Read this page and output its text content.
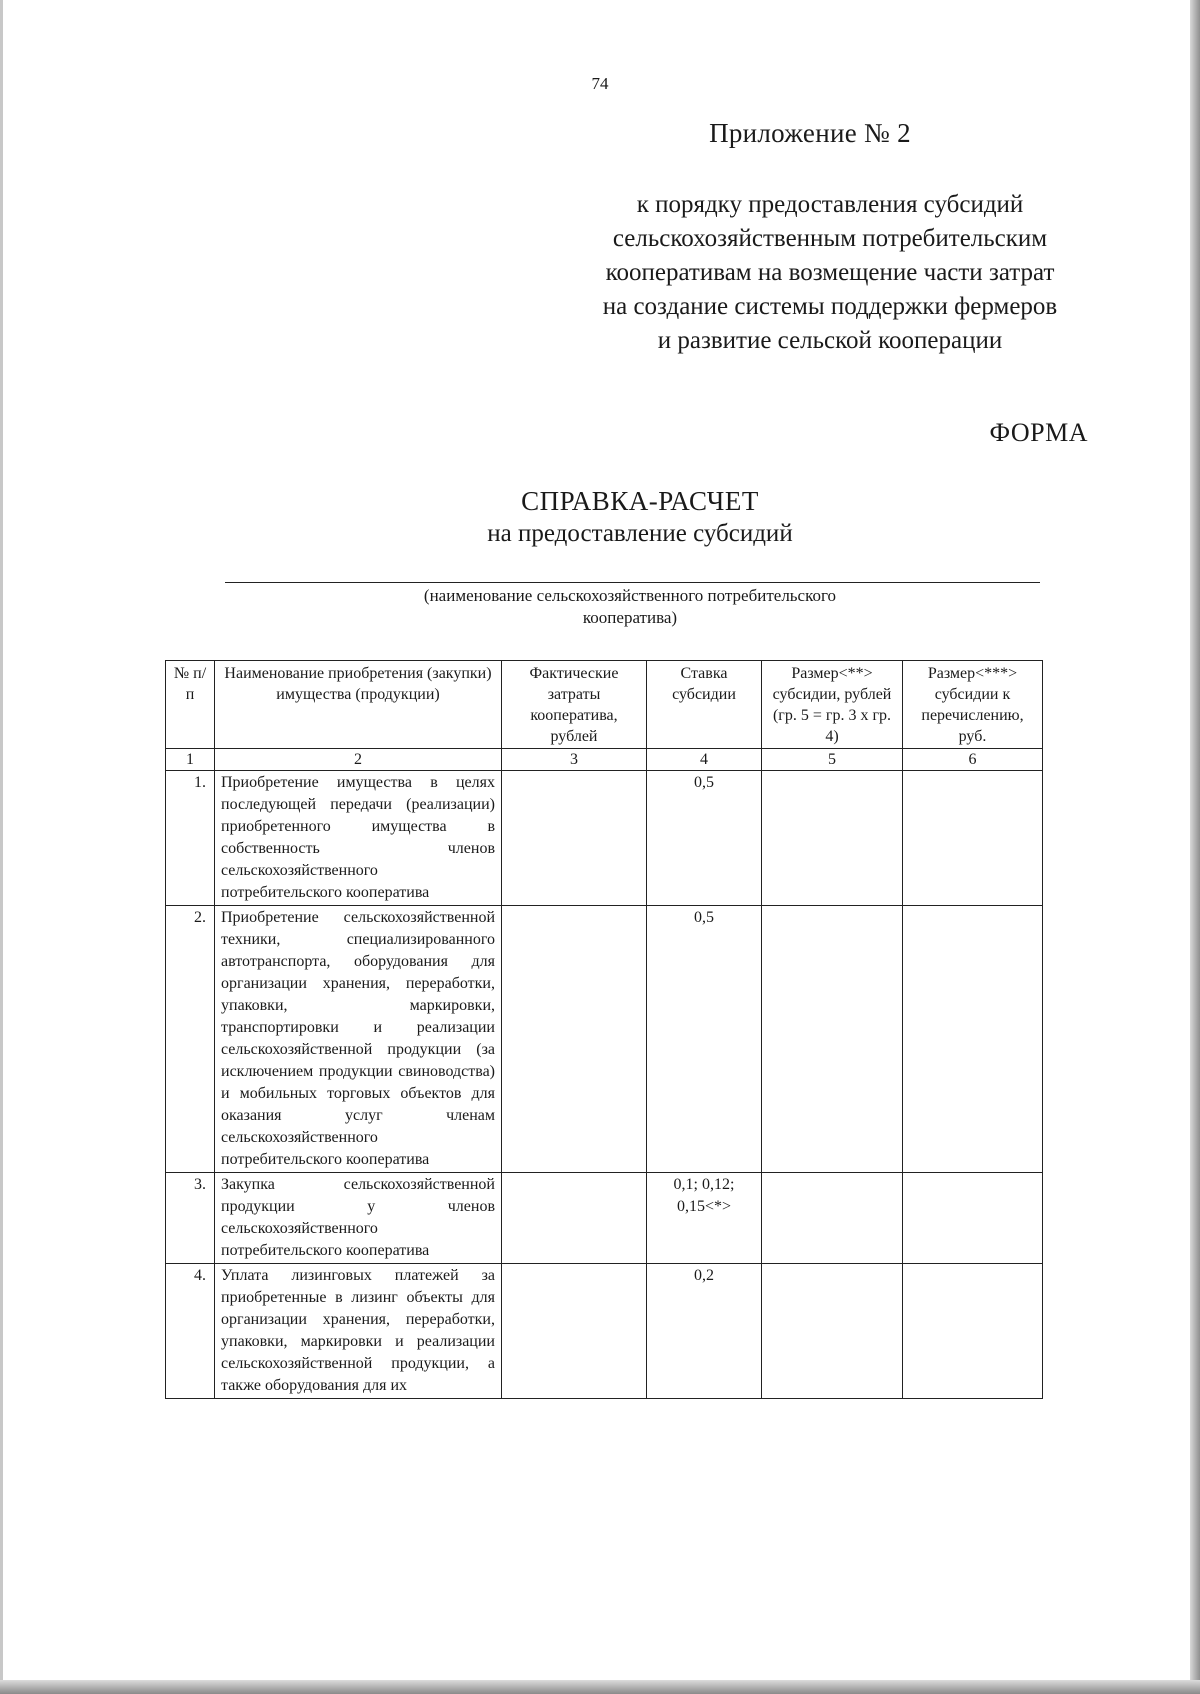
74
Приложение № 2
к порядку предоставления субсидий
сельскохозяйственным потребительским
кооперативам на возмещение части затрат
на создание системы поддержки фермеров
и развитие сельской кооперации
ФОРМА
СПРАВКА-РАСЧЕТ
на предоставление субсидий
(наименование сельскохозяйственного потребительского
кооператива)
№ п/п	Наименование приобретения (закупки) имущества (продукции)	Фактические затраты кооператива, рублей	Ставка субсидии	Размер<**> субсидии, рублей (гр. 5 = гр. 3 х гр. 4)	Размер<***> субсидии к перечислению, руб.
1	2	3	4	5	6
1.	Приобретение имущества в целях последующей передачи (реализации) приобретенного имущества в собственность членов сельскохозяйственного потребительского кооператива		0,5		
2.	Приобретение сельскохозяйственной техники, специализированного автотранспорта, оборудования для организации хранения, переработки, упаковки, маркировки, транспортировки и реализации сельскохозяйственной продукции (за исключением продукции свиноводства) и мобильных торговых объектов для оказания услуг членам сельскохозяйственного потребительского кооператива		0,5		
3.	Закупка сельскохозяйственной продукции у членов сельскохозяйственного потребительского кооператива		0,1; 0,12; 0,15<*>		
4.	Уплата лизинговых платежей за приобретенные в лизинг объекты для организации хранения, переработки, упаковки, маркировки и реализации сельскохозяйственной продукции, а также оборудования для их		0,2		
